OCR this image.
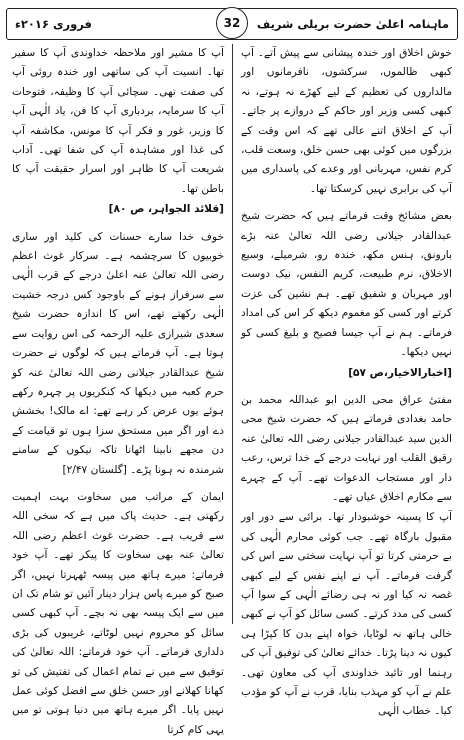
فروری ۲۰۱۶ء	ماہنامہ اعلیٰ حضرت بریلی شریف
32

خوش اخلاق اور خندہ پیشانی سے پیش آتے۔ آپ کبھی ظالموں، سرکشوں، نافرمانوں اور مالداروں کی تعظیم کے لیے کھڑے نہ ہوتے، نہ کبھی کسی وزیر اور حاکم کے دروازے پر جاتے۔ آپ کے اخلاق اتنے عالی تھے کہ اس وقت کے بزرگوں میں کوئی بھی حسن خلق، وسعت قلب، کرم نفس، مہربانی اور وعدے کی پاسداری میں آپ کی برابری نہیں کرسکتا تھا۔

بعض مشائخ وقت فرماتے ہیں کہ حضرت شیخ عبدالقادر جیلانی رضی اللہ تعالیٰ عنہ بڑے بارونق، ہنس مکھ، خندہ رو، شرمیلے، وسیع الاخلاق، نرم طبیعت، کریم النفس، نیک دوست اور مہربان و شفیق تھے۔ ہم نشین کی عزت کرتے اور کسی کو مغموم دیکھ کر اس کی امداد فرماتے۔ ہم نے آپ جیسا فصیح و بلیغ کسی کو نہیں دیکھا۔

[اخبارالاخیار،ص ۵۷]

مفتیٔ عراق محی الدین ابو عبداللہ محمد بن حامد بغدادی فرماتے ہیں کہ حضرت شیخ محی الدین سید عبدالقادر جیلانی رضی اللہ تعالیٰ عنہ رقیق القلب اور نہایت درجے کے خدا ترس، رعب دار اور مستجاب الدعوات تھے۔ آپ کے چہرے سے مکارم اخلاق عیاں تھے۔

آپ کا پسینہ خوشبودار تھا۔ برائی سے دور اور مقبول بارگاہ تھے۔ جب کوئی محارم الٰہی کی بے حرمتی کرتا تو آپ نہایت سختی سے اس کی گرفت فرماتے۔ آپ نے اپنے نفس کے لیے کبھی غصہ نہ کیا اور نہ ہی رضائے الٰہی کے سوا آپ کسی کی مدد کرتے۔ کسی سائل کو آپ نے کبھی خالی ہاتھ نہ لوٹایا، خواہ اپنے بدن کا کپڑا ہی کیوں نہ دینا پڑتا۔ خدائے تعالیٰ کی توفیق آپ کی رہنما اور تائید خداوندی آپ کی معاون تھی۔ علم نے آپ کو مہذب بنایا، قرب نے آپ کو مؤدب کیا۔ خطاب الٰہی

آپ کا مشیر اور ملاحظہ خداوندی آپ کا سفیر تھا۔ انسیت آپ کی ساتھی اور خندہ روئی آپ کی صفت تھی۔ سچائی آپ کا وظیفہ، فتوحات آپ کا سرمایہ، بردباری آپ کا فن، یاد الٰہی آپ کا وزیر، غور و فکر آپ کا مونس، مکاشفہ آپ کی غذا اور مشاہدہ آپ کی شفا تھی۔ آداب شریعت آپ کا ظاہر اور اسرار حقیقت آپ کا باطن تھا۔

[قلائد الجواہر، ص ۸۰]

خوف خدا سارے حسنات کی کلید اور ساری خوبیوں کا سرچشمہ ہے۔ سرکار غوث اعظم رضی اللہ تعالیٰ عنہ اعلیٰ درجے کے قرب الٰہی سے سرفراز ہونے کے باوجود کس درجہ خشیت الٰہی رکھتے تھے، اس کا اندازہ حضرت شیخ سعدی شیرازی علیہ الرحمہ کی اس روایت سے ہوتا ہے۔ آپ فرماتے ہیں کہ لوگوں نے حضرت شیخ عبدالقادر جیلانی رضی اللہ تعالیٰ عنہ کو حرم کعبہ میں دیکھا کہ کنکریوں پر چہرہ رکھے ہوئے یوں عرض کر رہے تھے: اے مالک! بخشش دے اور اگر میں مستحق سزا ہوں تو قیامت کے دن مجھے نابینا اٹھانا تاکہ نیکوں کے سامنے شرمندہ نہ ہونا پڑے۔ [گلستان ۲/۴۷]

ایمان کے مراتب میں سخاوت بہت اہمیت رکھتی ہے۔ حدیث پاک میں ہے کہ سخی اللہ سے قریب ہے۔ حضرت غوث اعظم رضی اللہ تعالیٰ عنہ بھی سخاوت کا پیکر تھے۔ آپ خود فرماتے: میرے ہاتھ میں پیسہ ٹھہرتا نہیں، اگر صبح کو میرے پاس ہزار دینار آئیں تو شام تک ان میں سے ایک پیسہ بھی نہ بچے۔ آپ کبھی کسی سائل کو محروم نہیں لوٹاتے، غریبوں کی بڑی دلداری فرماتے۔ آپ خود فرماتے: اللہ تعالیٰ کی توفیق سے میں نے تمام اعمال کی تفتیش کی تو کھانا کھلانے اور حسن خلق سے افضل کوئی عمل نہیں پایا۔ اگر میرے ہاتھ میں دنیا ہوتی تو میں یہی کام کرتا
